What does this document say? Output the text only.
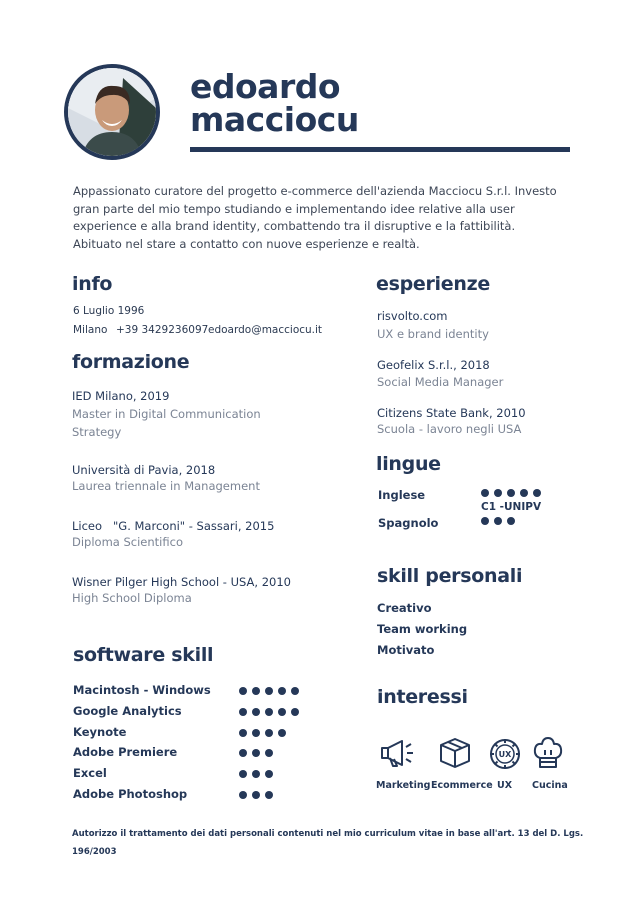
edoardo
macciocu
Appassionato curatore del progetto e-commerce dell'azienda Macciocu S.r.l. Investo gran parte del mio tempo studiando e implementando idee relative alla user experience e alla brand identity, combattendo tra il disruptive e la fattibilità. Abituato nel stare a contatto con nuove esperienze e realtà.
info
6 Luglio 1996
Milano +39 3429236097 edoardo@macciocu.it
formazione
IED Milano, 2019
Master in Digital Communication Strategy
Università di Pavia, 2018
Laurea triennale in Management
Liceo   "G. Marconi" - Sassari, 2015
Diploma Scientifico
Wisner Pilger High School - USA, 2010
High School Diploma
software skill
Macintosh - Windows
Google Analytics
Keynote
Adobe Premiere
Excel
Adobe Photoshop
esperienze
risvolto.com
UX e brand identity
Geofelix S.r.l., 2018
Social Media Manager
Citizens State Bank, 2010
Scuola - lavoro negli USA
lingue
Inglese
C1 -UNIPV
Spagnolo
skill personali
Creativo
Team working
Motivato
interessi
UX
Marketing Ecommerce UX Cucina
Autorizzo il trattamento dei dati personali contenuti nel mio curriculum vitae in base all'art. 13 del D. Lgs.
196/2003
